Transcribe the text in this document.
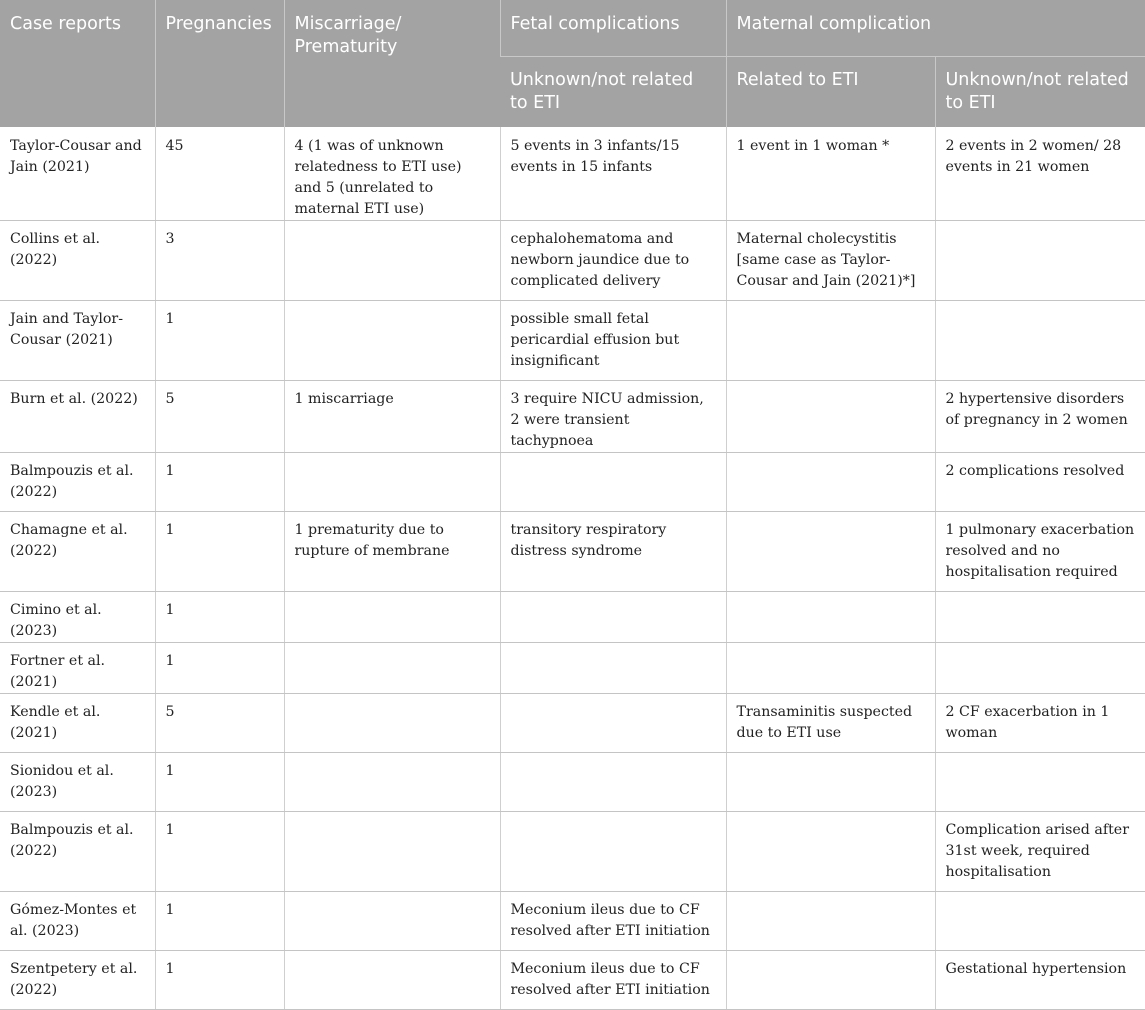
Case reports	Pregnancies	Miscarriage/ Prematurity	Fetal complications	Maternal complication	
			Unknown/not related to ETI	Related to ETI	Unknown/not related to ETI
Taylor-Cousar and Jain (2021)	45	4 (1 was of unknown relatedness to ETI use) and 5 (unrelated to maternal ETI use)	5 events in 3 infants/15 events in 15 infants	1 event in 1 woman *	2 events in 2 women/ 28 events in 21 women
Collins et al. (2022)	3		cephalohematoma and newborn jaundice due to complicated delivery	Maternal cholecystitis [same case as Taylor-Cousar and Jain (2021)*]	
Jain and Taylor-Cousar (2021)	1		possible small fetal pericardial effusion but insignificant		
Burn et al. (2022)	5	1 miscarriage	3 require NICU admission, 2 were transient tachypnoea		2 hypertensive disorders of pregnancy in 2 women
Balmpouzis et al. (2022)	1				2 complications resolved
Chamagne et al. (2022)	1	1 prematurity due to rupture of membrane	transitory respiratory distress syndrome		1 pulmonary exacerbation resolved and no hospitalisation required
Cimino et al. (2023)	1				
Fortner et al. (2021)	1				
Kendle et al. (2021)	5			Transaminitis suspected due to ETI use	2 CF exacerbation in 1 woman
Sionidou et al. (2023)	1				
Balmpouzis et al. (2022)	1				Complication arised after 31st week, required hospitalisation
Gómez-Montes et al. (2023)	1		Meconium ileus due to CF resolved after ETI initiation		
Szentpetery et al. (2022)	1		Meconium ileus due to CF resolved after ETI initiation		Gestational hypertension
